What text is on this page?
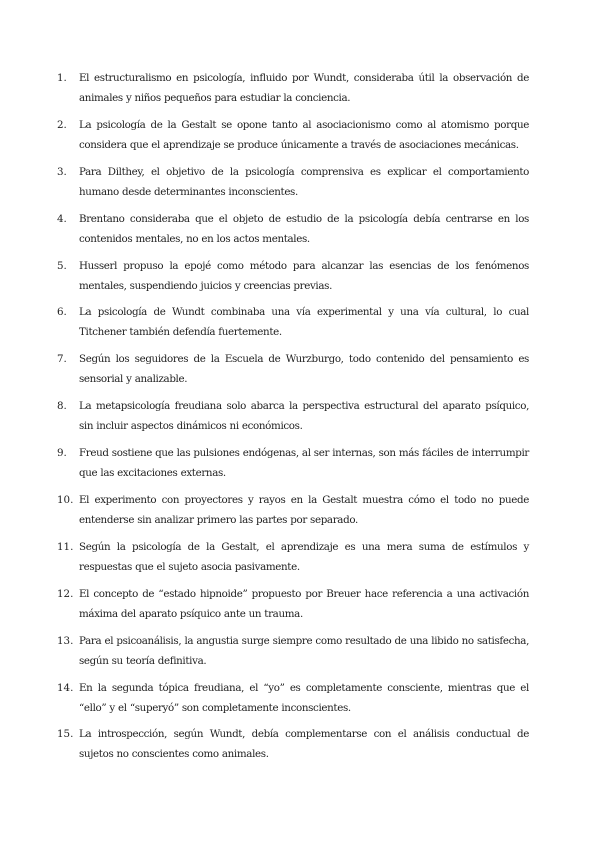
1.	El estructuralismo en psicología, influido por Wundt, consideraba útil la observación de animales y niños pequeños para estudiar la conciencia.
2.	La psicología de la Gestalt se opone tanto al asociacionismo como al atomismo porque considera que el aprendizaje se produce únicamente a través de asociaciones mecánicas.
3.	Para Dilthey, el objetivo de la psicología comprensiva es explicar el comportamiento humano desde determinantes inconscientes.
4.	Brentano consideraba que el objeto de estudio de la psicología debía centrarse en los contenidos mentales, no en los actos mentales.
5.	Husserl propuso la epojé como método para alcanzar las esencias de los fenómenos mentales, suspendiendo juicios y creencias previas.
6.	La psicología de Wundt combinaba una vía experimental y una vía cultural, lo cual Titchener también defendía fuertemente.
7.	Según los seguidores de la Escuela de Wurzburgo, todo contenido del pensamiento es sensorial y analizable.
8.	La metapsicología freudiana solo abarca la perspectiva estructural del aparato psíquico, sin incluir aspectos dinámicos ni económicos.
9.	Freud sostiene que las pulsiones endógenas, al ser internas, son más fáciles de interrumpir que las excitaciones externas.
10. El experimento con proyectores y rayos en la Gestalt muestra cómo el todo no puede entenderse sin analizar primero las partes por separado.
11. Según la psicología de la Gestalt, el aprendizaje es una mera suma de estímulos y respuestas que el sujeto asocia pasivamente.
12. El concepto de “estado hipnoide” propuesto por Breuer hace referencia a una activación máxima del aparato psíquico ante un trauma.
13. Para el psicoanálisis, la angustia surge siempre como resultado de una libido no satisfecha, según su teoría definitiva.
14. En la segunda tópica freudiana, el “yo” es completamente consciente, mientras que el “ello” y el “superyó” son completamente inconscientes.
15. La introspección, según Wundt, debía complementarse con el análisis conductual de sujetos no conscientes como animales.
